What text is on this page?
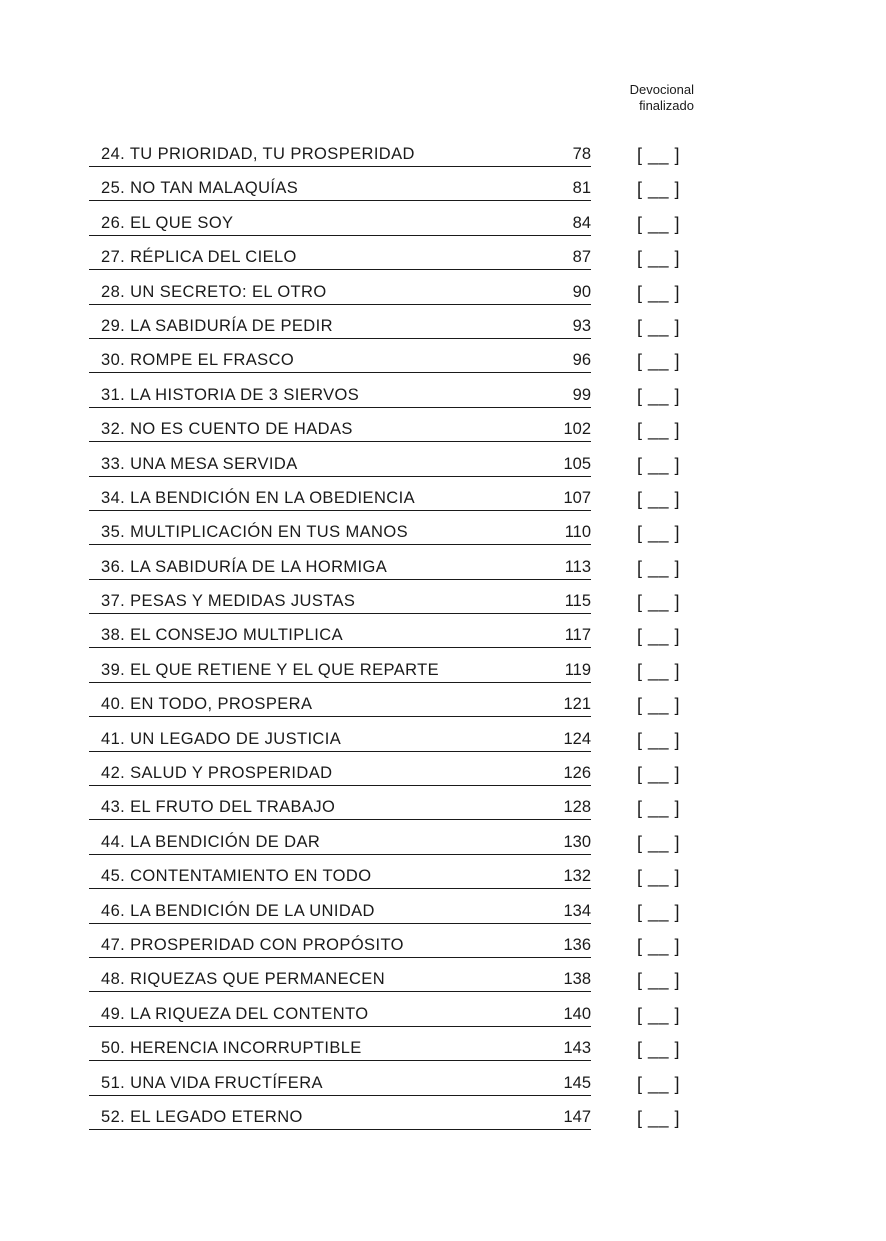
Devocional
finalizado
24. TU PRIORIDAD, TU PROSPERIDAD	78	[ __ ]
25. NO TAN MALAQUÍAS	81	[ __ ]
26. EL QUE SOY	84	[ __ ]
27. RÉPLICA DEL CIELO	87	[ __ ]
28. UN SECRETO: EL OTRO	90	[ __ ]
29. LA SABIDURÍA DE PEDIR	93	[ __ ]
30. ROMPE EL FRASCO	96	[ __ ]
31. LA HISTORIA DE 3 SIERVOS	99	[ __ ]
32. NO ES CUENTO DE HADAS	102	[ __ ]
33. UNA MESA SERVIDA	105	[ __ ]
34. LA BENDICIÓN EN LA OBEDIENCIA	107	[ __ ]
35. MULTIPLICACIÓN EN TUS MANOS	110	[ __ ]
36. LA SABIDURÍA DE LA HORMIGA	113	[ __ ]
37. PESAS Y MEDIDAS JUSTAS	115	[ __ ]
38. EL CONSEJO MULTIPLICA	117	[ __ ]
39. EL QUE RETIENE Y EL QUE REPARTE	119	[ __ ]
40. EN TODO, PROSPERA	121	[ __ ]
41. UN LEGADO DE JUSTICIA	124	[ __ ]
42. SALUD Y PROSPERIDAD	126	[ __ ]
43. EL FRUTO DEL TRABAJO	128	[ __ ]
44. LA BENDICIÓN DE DAR	130	[ __ ]
45. CONTENTAMIENTO EN TODO	132	[ __ ]
46. LA BENDICIÓN DE LA UNIDAD	134	[ __ ]
47. PROSPERIDAD CON PROPÓSITO	136	[ __ ]
48. RIQUEZAS QUE PERMANECEN	138	[ __ ]
49. LA RIQUEZA DEL CONTENTO	140	[ __ ]
50. HERENCIA INCORRUPTIBLE	143	[ __ ]
51. UNA VIDA FRUCTÍFERA	145	[ __ ]
52. EL LEGADO ETERNO	147	[ __ ]
